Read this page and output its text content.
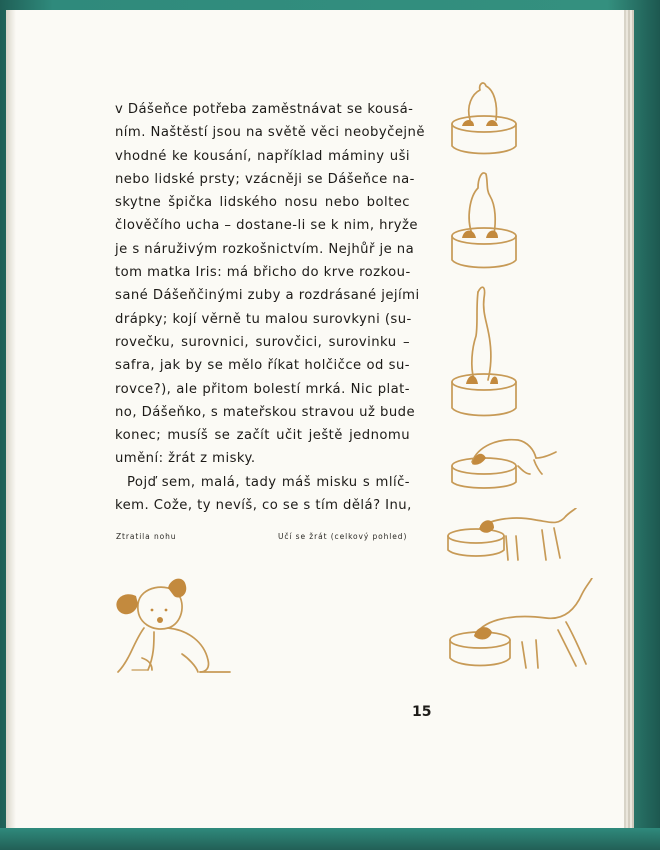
v Dášeňce potřeba zaměstnávat se kousá-
ním. Naštěstí jsou na světě věci neobyčejně
vhodné ke kousání, například máminy uši
nebo lidské prsty; vzácněji se Dášeňce na-
skytne špička lidského nosu nebo boltec
člověčího ucha – dostane-li se k nim, hryže
je s náruživým rozkošnictvím. Nejhůř je na
tom matka Iris: má břicho do krve rozkou-
sané Dášeňčinými zuby a rozdrásané jejími
drápky; kojí věrně tu malou surovkyni (su-
rovečku, surovnici, surovčici, surovinku –
safra, jak by se mělo říkat holčičce od su-
rovce?), ale přitom bolestí mrká. Nic plat-
no, Dášeňko, s mateřskou stravou už bude
konec; musíš se začít učit ještě jednomu
umění: žrát z misky.
Pojď sem, malá, tady máš misku s mlíč-
kem. Cože, ty nevíš, co se s tím dělá? Inu,
Ztratila nohu	Učí se žrát (celkový pohled)
15
